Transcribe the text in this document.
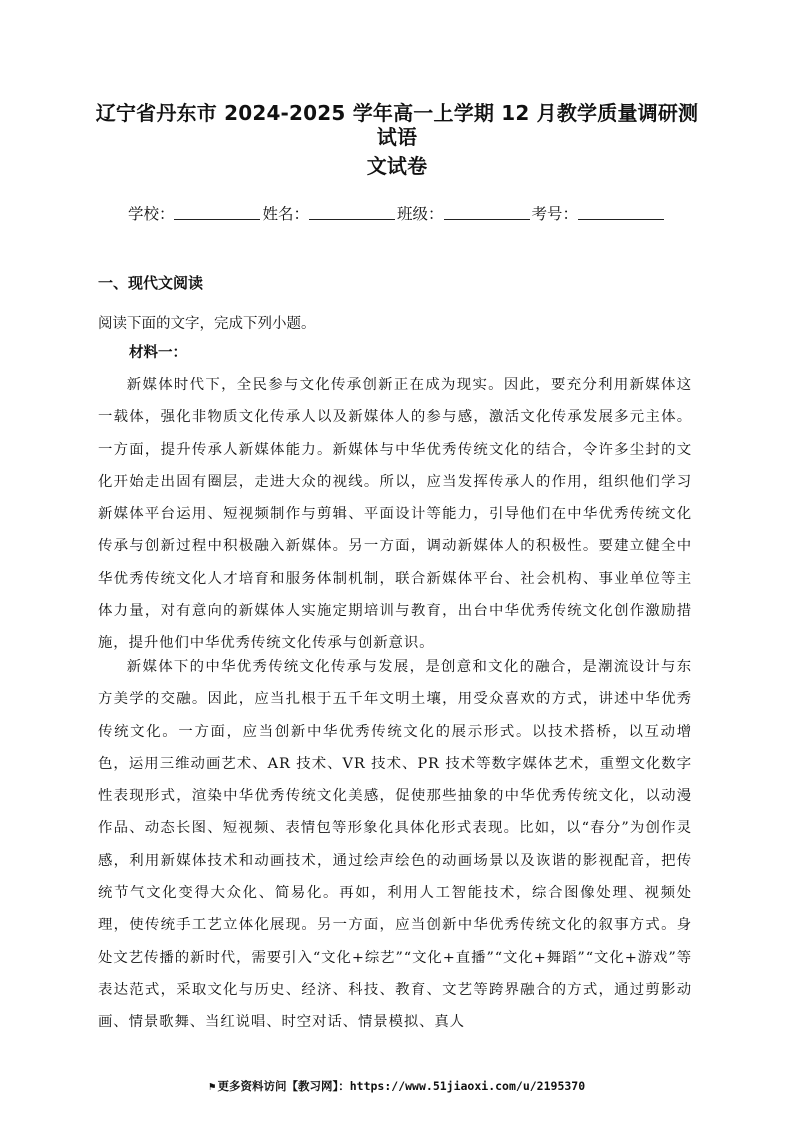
辽宁省丹东市 2024-2025 学年高一上学期 12 月教学质量调研测试语
文试卷
学校：	姓名：	班级：	考号：
一、现代文阅读
阅读下面的文字，完成下列小题。
材料一：
新媒体时代下，全民参与文化传承创新正在成为现实。因此，要充分利用新媒体这一载体，强化非物质文化传承人以及新媒体人的参与感，激活文化传承发展多元主体。一方面，提升传承人新媒体能力。新媒体与中华优秀传统文化的结合，令许多尘封的文化开始走出固有圈层，走进大众的视线。所以，应当发挥传承人的作用，组织他们学习新媒体平台运用、短视频制作与剪辑、平面设计等能力，引导他们在中华优秀传统文化传承与创新过程中积极融入新媒体。另一方面，调动新媒体人的积极性。要建立健全中华优秀传统文化人才培育和服务体制机制，联合新媒体平台、社会机构、事业单位等主体力量，对有意向的新媒体人实施定期培训与教育，出台中华优秀传统文化创作激励措施，提升他们中华优秀传统文化传承与创新意识。
新媒体下的中华优秀传统文化传承与发展，是创意和文化的融合，是潮流设计与东方美学的交融。因此，应当扎根于五千年文明土壤，用受众喜欢的方式，讲述中华优秀传统文化。一方面，应当创新中华优秀传统文化的展示形式。以技术搭桥，以互动增色，运用三维动画艺术、AR 技术、VR 技术、PR 技术等数字媒体艺术，重塑文化数字性表现形式，渲染中华优秀传统文化美感，促使那些抽象的中华优秀传统文化，以动漫作品、动态长图、短视频、表情包等形象化具体化形式表现。比如，以“春分”为创作灵感，利用新媒体技术和动画技术，通过绘声绘色的动画场景以及诙谐的影视配音，把传统节气文化变得大众化、简易化。再如，利用人工智能技术，综合图像处理、视频处理，使传统手工艺立体化展现。另一方面，应当创新中华优秀传统文化的叙事方式。身处文艺传播的新时代，需要引入“文化+综艺”“文化+直播”“文化+舞蹈”“文化+游戏”等表达范式，采取文化与历史、经济、科技、教育、文艺等跨界融合的方式，通过剪影动画、情景歌舞、当红说唱、时空对话、情景模拟、真人
⚑ 更多资料访问【教习网】：https://www.51jiaoxi.com/u/2195370
